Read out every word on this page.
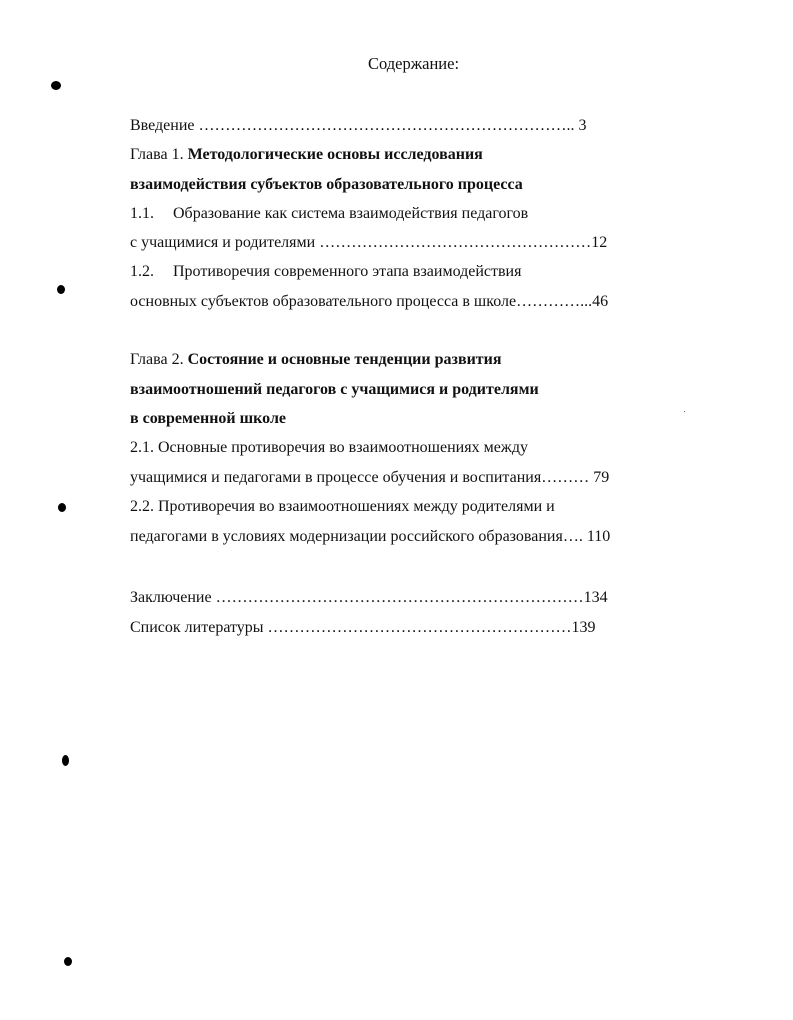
Содержание:
Введение …………………………………………………………….. 3
Глава 1. Методологические основы исследования
взаимодействия субъектов образовательного процесса
1.1. Образование как система взаимодействия педагогов
с учащимися и родителями ……………………………………………12
1.2. Противоречия современного этапа взаимодействия
основных субъектов образовательного процесса в школе…………...46
Глава 2. Состояние и основные тенденции развития
взаимоотношений педагогов с учащимися и родителями
в современной школе
2.1. Основные противоречия во взаимоотношениях между
учащимися и педагогами в процессе обучения и воспитания……… 79
2.2. Противоречия во взаимоотношениях между родителями и
педагогами в условиях модернизации российского образования…. 110
Заключение ……………………………………………………………134
Список литературы …………………………………………………139
